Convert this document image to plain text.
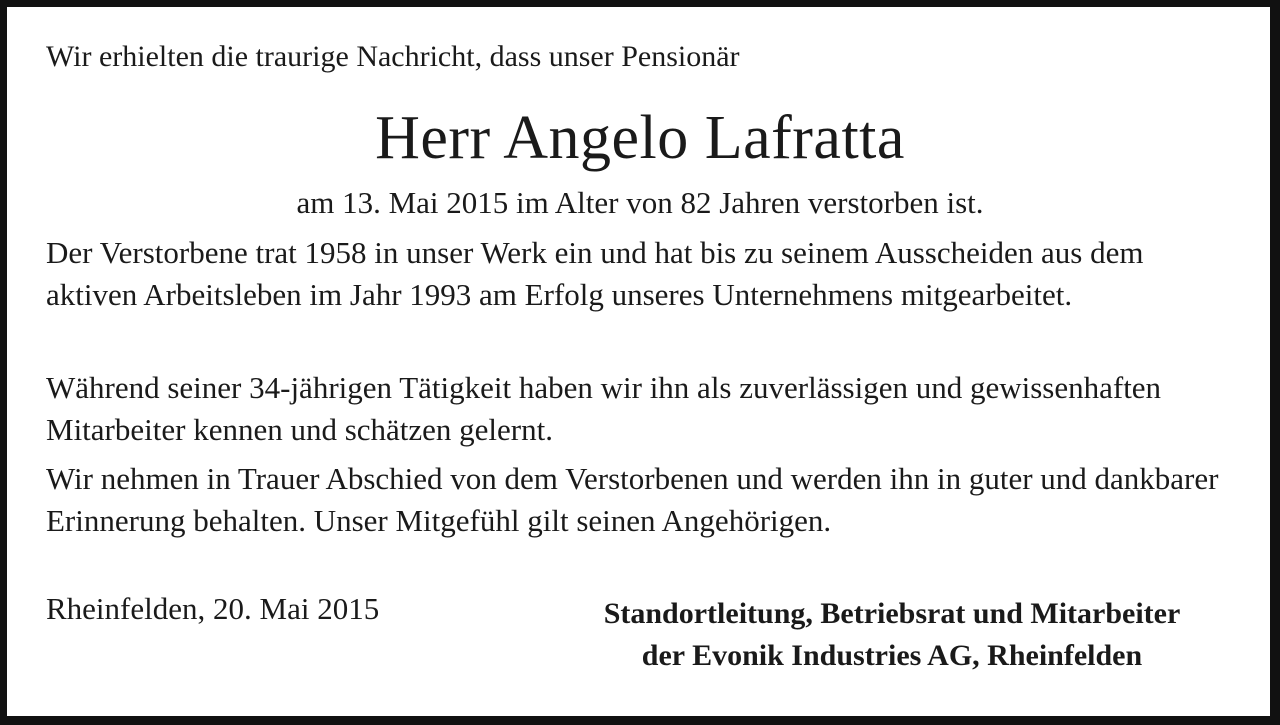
Wir erhielten die traurige Nachricht, dass unser Pensionär
Herr Angelo Lafratta
am 13. Mai 2015 im Alter von 82 Jahren verstorben ist.
Der Verstorbene trat 1958 in unser Werk ein und hat bis zu seinem Ausscheiden aus dem aktiven Arbeitsleben im Jahr 1993 am Erfolg unseres Unternehmens mitgearbeitet.
Während seiner 34-jährigen Tätigkeit haben wir ihn als zuverlässigen und gewissenhaften Mitarbeiter kennen und schätzen gelernt.
Wir nehmen in Trauer Abschied von dem Verstorbenen und werden ihn in guter und dankbarer Erinnerung behalten. Unser Mitgefühl gilt seinen Angehörigen.
Rheinfelden, 20. Mai 2015	Standortleitung, Betriebsrat und Mitarbeiter
der Evonik Industries AG, Rheinfelden
